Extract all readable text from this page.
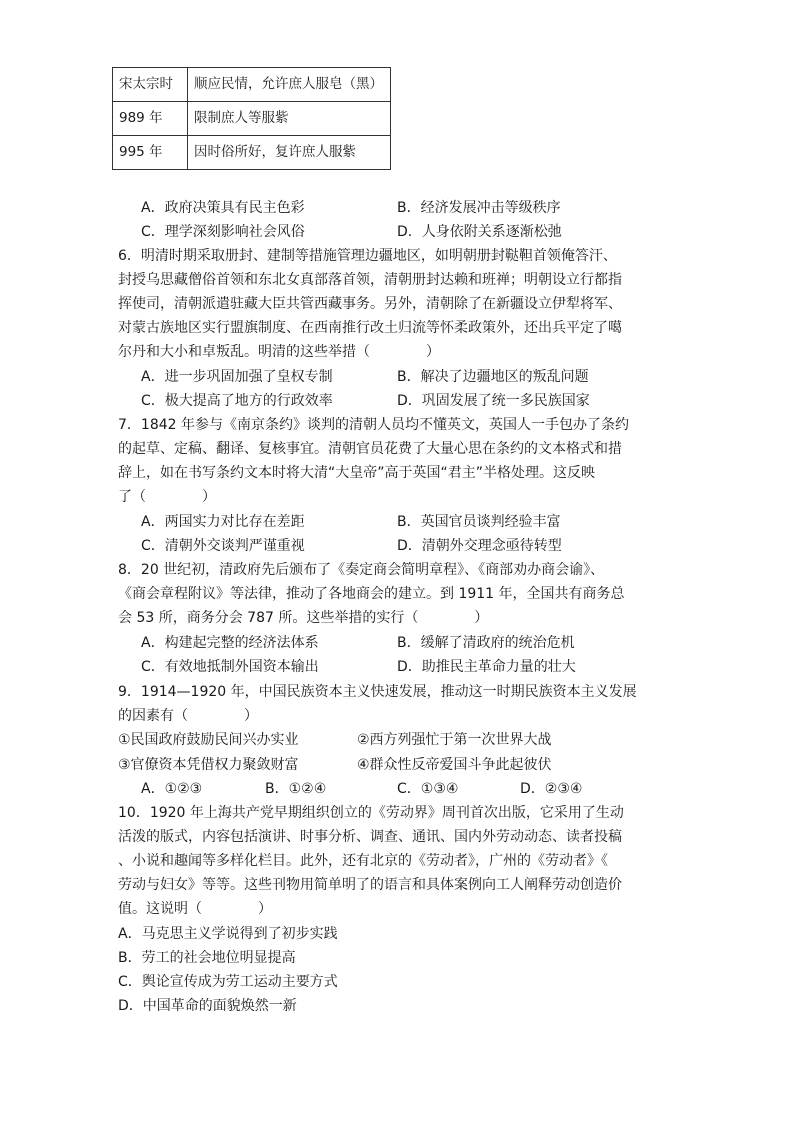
宋太宗时	顺应民情，允许庶人服皂（黑）
989 年	限制庶人等服紫
995 年	因时俗所好，复许庶人服紫
A．政府决策具有民主色彩	B．经济发展冲击等级秩序
C．理学深刻影响社会风俗	D．人身依附关系逐渐松弛
6．明清时期采取册封、建制等措施管理边疆地区，如明朝册封鞑靼首领俺答汗、
封授乌思藏僧俗首领和东北女真部落首领，清朝册封达赖和班禅；明朝设立行都指
挥使司，清朝派遣驻藏大臣共管西藏事务。另外，清朝除了在新疆设立伊犁将军、
对蒙古族地区实行盟旗制度、在西南推行改土归流等怀柔政策外，还出兵平定了噶
尔丹和大小和卓叛乱。明清的这些举措（　　　　）
A．进一步巩固加强了皇权专制	B．解决了边疆地区的叛乱问题
C．极大提高了地方的行政效率	D．巩固发展了统一多民族国家
7．1842 年参与《南京条约》谈判的清朝人员均不懂英文，英国人一手包办了条约
的起草、定稿、翻译、复核事宜。清朝官员花费了大量心思在条约的文本格式和措
辞上，如在书写条约文本时将大清“大皇帝”高于英国“君主”半格处理。这反映
了（　　　　）
A．两国实力对比存在差距	B．英国官员谈判经验丰富
C．清朝外交谈判严谨重视	D．清朝外交理念亟待转型
8．20 世纪初，清政府先后颁布了《奏定商会简明章程》、《商部劝办商会谕》、
《商会章程附议》等法律，推动了各地商会的建立。到 1911 年，全国共有商务总
会 53 所，商务分会 787 所。这些举措的实行（　　　　）
A．构建起完整的经济法体系	B．缓解了清政府的统治危机
C．有效地抵制外国资本输出	D．助推民主革命力量的壮大
9．1914—1920 年，中国民族资本主义快速发展，推动这一时期民族资本主义发展
的因素有（　　　　）
①民国政府鼓励民间兴办实业	②西方列强忙于第一次世界大战
③官僚资本凭借权力聚敛财富	④群众性反帝爱国斗争此起彼伏
A．①②③	B．①②④	C．①③④	D．②③④
10．1920 年上海共产党早期组织创立的《劳动界》周刊首次出版，它采用了生动
活泼的版式，内容包括演讲、时事分析、调查、通讯、国内外劳动动态、读者投稿
、小说和趣闻等多样化栏目。此外，还有北京的《劳动者》，广州的《劳动者》《
劳动与妇女》等等。这些刊物用简单明了的语言和具体案例向工人阐释劳动创造价
值。这说明（　　　　）
A．马克思主义学说得到了初步实践
B．劳工的社会地位明显提高
C．舆论宣传成为劳工运动主要方式
D．中国革命的面貌焕然一新
